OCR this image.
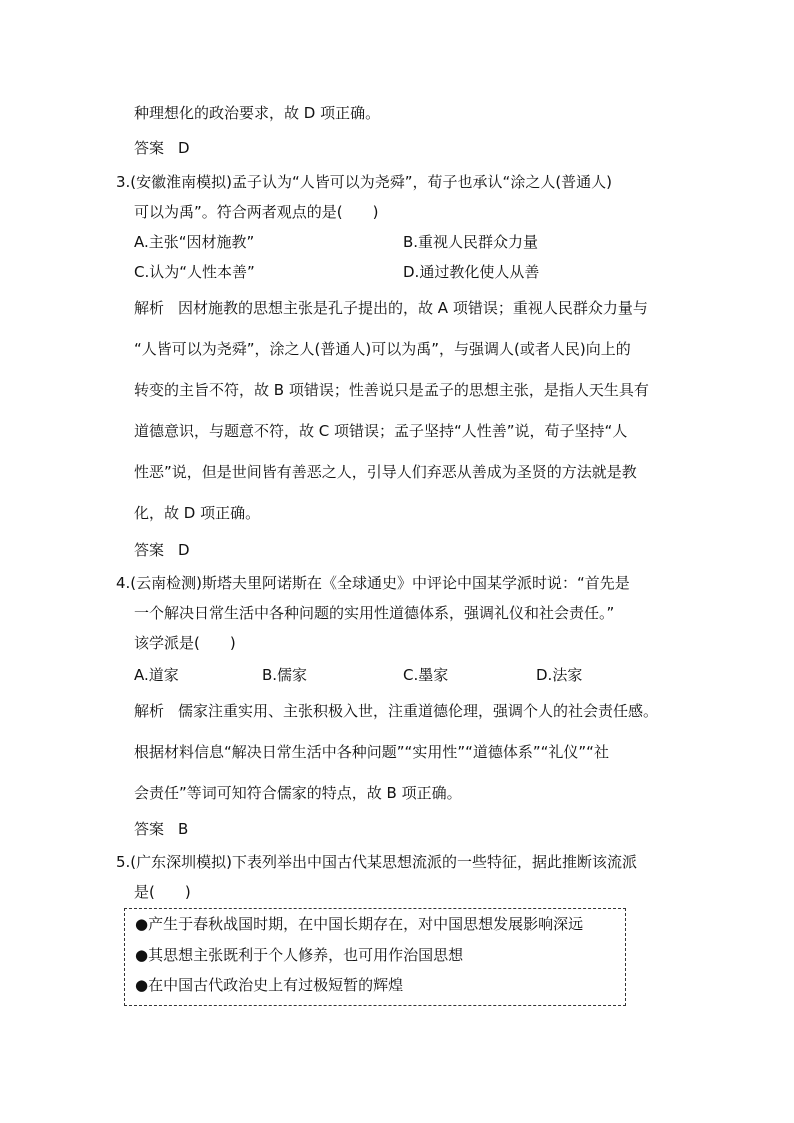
种理想化的政治要求，故 D 项正确。
答案 D
3.(安徽淮南模拟)孟子认为“人皆可以为尧舜”，荀子也承认“涂之人(普通人)
可以为禹”。符合两者观点的是(　　)
A.主张“因材施教”	B.重视人民群众力量
C.认为“人性本善”	D.通过教化使人从善
解析 因材施教的思想主张是孔子提出的，故 A 项错误；重视人民群众力量与
“人皆可以为尧舜”，涂之人(普通人)可以为禹”，与强调人(或者人民)向上的
转变的主旨不符，故 B 项错误；性善说只是孟子的思想主张，是指人天生具有
道德意识，与题意不符，故 C 项错误；孟子坚持“人性善”说，荀子坚持“人
性恶”说，但是世间皆有善恶之人，引导人们弃恶从善成为圣贤的方法就是教
化，故 D 项正确。
答案 D
4.(云南检测)斯塔夫里阿诺斯在《全球通史》中评论中国某学派时说：“首先是
一个解决日常生活中各种问题的实用性道德体系，强调礼仪和社会责任。”
该学派是(　　)
A.道家	B.儒家	C.墨家	D.法家
解析 儒家注重实用、主张积极入世，注重道德伦理，强调个人的社会责任感。
根据材料信息“解决日常生活中各种问题”“实用性”“道德体系”“礼仪”“社
会责任”等词可知符合儒家的特点，故 B 项正确。
答案 B
5.(广东深圳模拟)下表列举出中国古代某思想流派的一些特征，据此推断该流派
是(　　)
●产生于春秋战国时期，在中国长期存在，对中国思想发展影响深远
●其思想主张既利于个人修养，也可用作治国思想
●在中国古代政治史上有过极短暂的辉煌
